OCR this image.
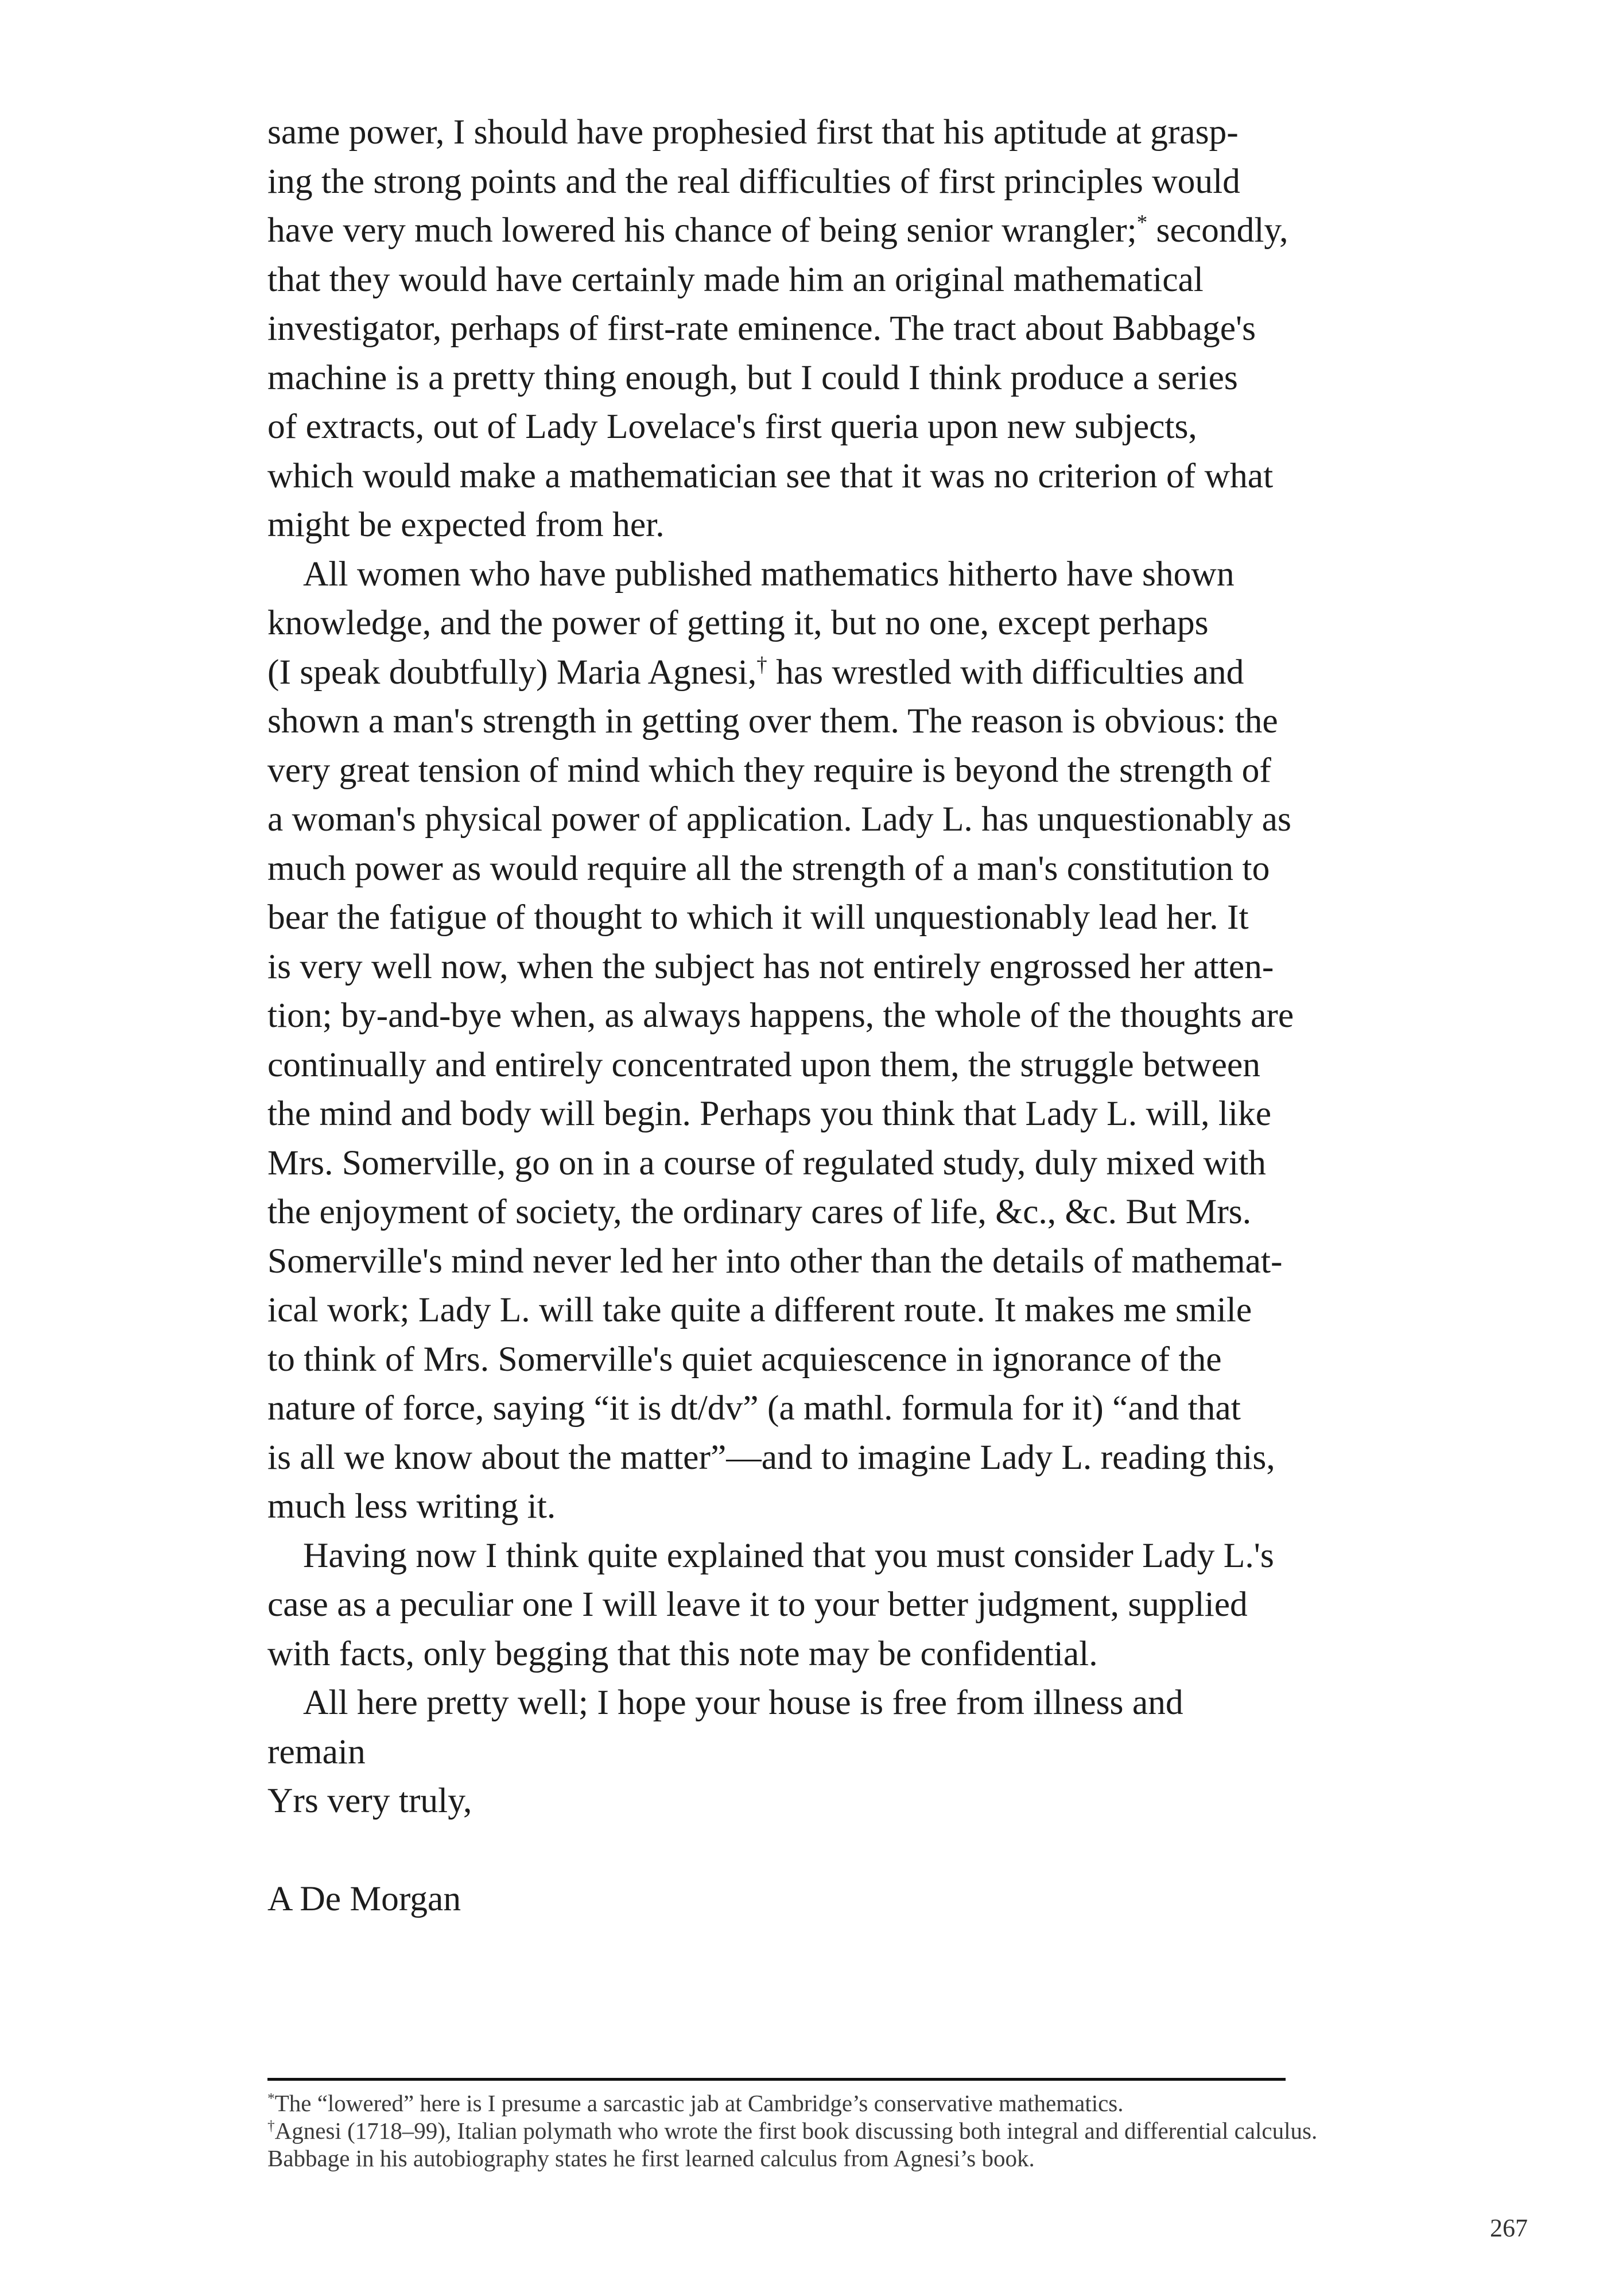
same power, I should have prophesied first that his aptitude at grasp-
ing the strong points and the real difficulties of first principles would
have very much lowered his chance of being senior wrangler;* secondly,
that they would have certainly made him an original mathematical
investigator, perhaps of first-rate eminence. The tract about Babbage's
machine is a pretty thing enough, but I could I think produce a series
of extracts, out of Lady Lovelace's first queria upon new subjects,
which would make a mathematician see that it was no criterion of what
might be expected from her.
All women who have published mathematics hitherto have shown
knowledge, and the power of getting it, but no one, except perhaps
(I speak doubtfully) Maria Agnesi,† has wrestled with difficulties and
shown a man's strength in getting over them. The reason is obvious: the
very great tension of mind which they require is beyond the strength of
a woman's physical power of application. Lady L. has unquestionably as
much power as would require all the strength of a man's constitution to
bear the fatigue of thought to which it will unquestionably lead her. It
is very well now, when the subject has not entirely engrossed her atten-
tion; by-and-bye when, as always happens, the whole of the thoughts are
continually and entirely concentrated upon them, the struggle between
the mind and body will begin. Perhaps you think that Lady L. will, like
Mrs. Somerville, go on in a course of regulated study, duly mixed with
the enjoyment of society, the ordinary cares of life, &c., &c. But Mrs.
Somerville's mind never led her into other than the details of mathemat-
ical work; Lady L. will take quite a different route. It makes me smile
to think of Mrs. Somerville's quiet acquiescence in ignorance of the
nature of force, saying “it is dt/dv” (a mathl. formula for it) “and that
is all we know about the matter”—and to imagine Lady L. reading this,
much less writing it.
Having now I think quite explained that you must consider Lady L.'s
case as a peculiar one I will leave it to your better judgment, supplied
with facts, only begging that this note may be confidential.
All here pretty well; I hope your house is free from illness and
remain
Yrs very truly,
A De Morgan
*The “lowered” here is I presume a sarcastic jab at Cambridge’s conservative mathematics.
†Agnesi (1718–99), Italian polymath who wrote the first book discussing both integral and differential calculus.
Babbage in his autobiography states he first learned calculus from Agnesi’s book.
267
